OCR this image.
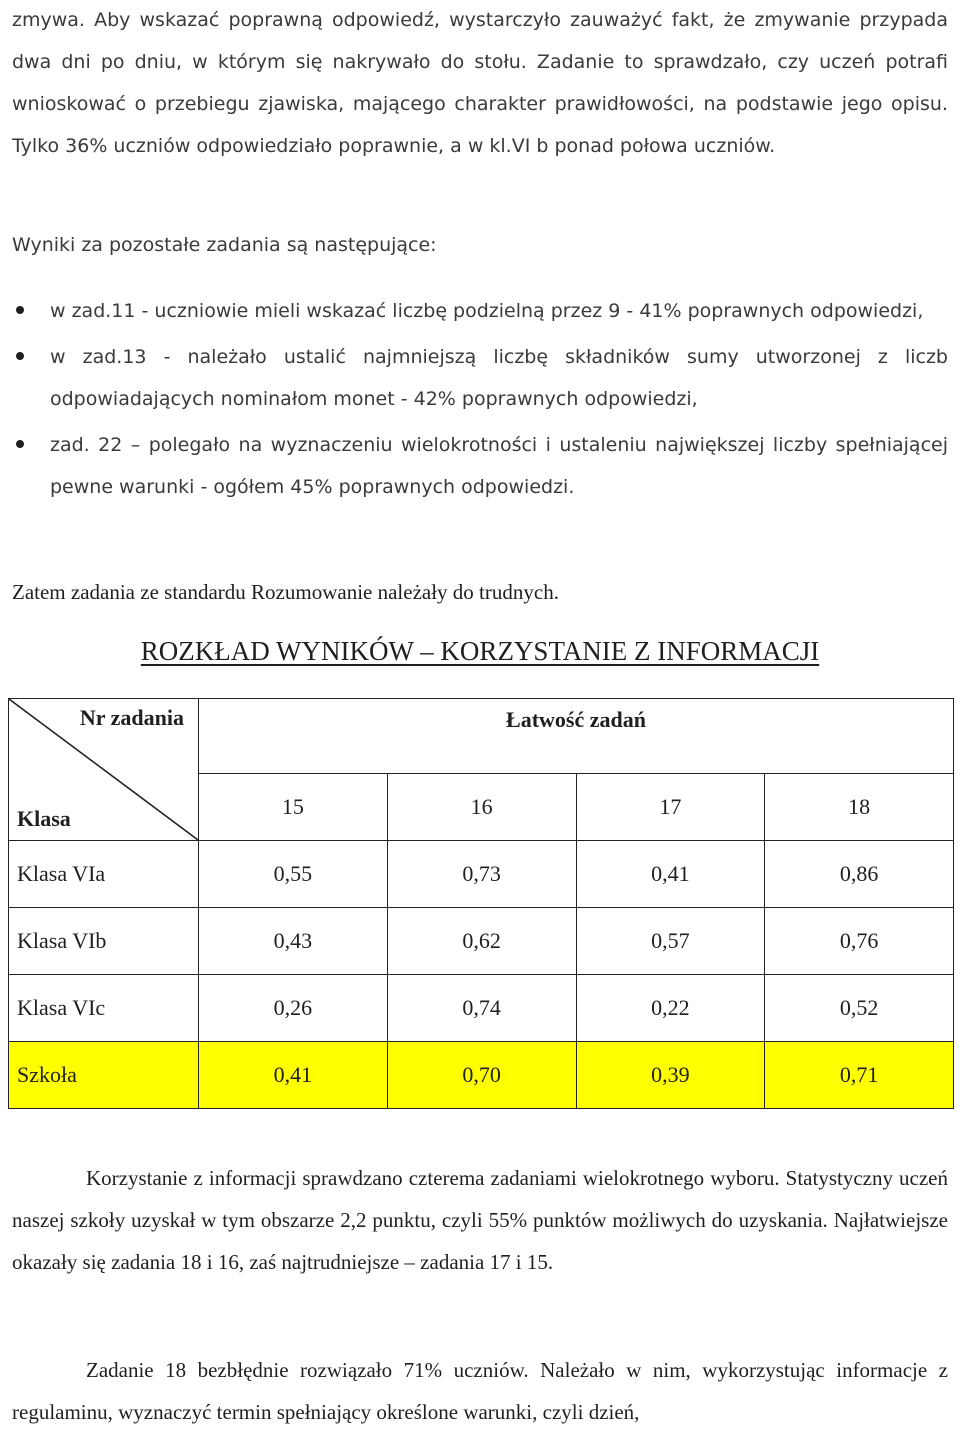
zmywa. Aby wskazać poprawną odpowiedź, wystarczyło zauważyć fakt, że zmywanie przypada dwa dni po dniu, w którym się nakrywało do stołu. Zadanie to sprawdzało, czy uczeń potrafi wnioskować o przebiegu zjawiska, mającego charakter prawidłowości, na podstawie jego opisu. Tylko 36% uczniów odpowiedziało poprawnie, a w kl.VI b ponad połowa uczniów.
Wyniki za pozostałe zadania są następujące:
w zad.11 - uczniowie mieli wskazać liczbę podzielną przez 9 - 41% poprawnych odpowiedzi,
w zad.13 - należało ustalić najmniejszą liczbę składników sumy utworzonej z liczb odpowiadających nominałom monet - 42% poprawnych odpowiedzi,
zad. 22 – polegało na wyznaczeniu wielokrotności i ustaleniu największej liczby spełniającej pewne warunki - ogółem 45% poprawnych odpowiedzi.
Zatem zadania ze standardu Rozumowanie należały do trudnych.
ROZKŁAD WYNIKÓW – KORZYSTANIE Z INFORMACJI
Nr zadania
Klasa	Łatwość zadań			
	15	16	17	18
Klasa VIa	0,55	0,73	0,41	0,86
Klasa VIb	0,43	0,62	0,57	0,76
Klasa VIc	0,26	0,74	0,22	0,52
Szkoła	0,41	0,70	0,39	0,71
Korzystanie z informacji sprawdzano czterema zadaniami wielokrotnego wyboru. Statystyczny uczeń naszej szkoły uzyskał w tym obszarze 2,2 punktu, czyli 55% punktów możliwych do uzyskania. Najłatwiejsze okazały się zadania 18 i 16, zaś najtrudniejsze – zadania 17 i 15.
Zadanie 18 bezbłędnie rozwiązało 71% uczniów. Należało w nim, wykorzystując informacje z regulaminu, wyznaczyć termin spełniający określone warunki, czyli dzień,
